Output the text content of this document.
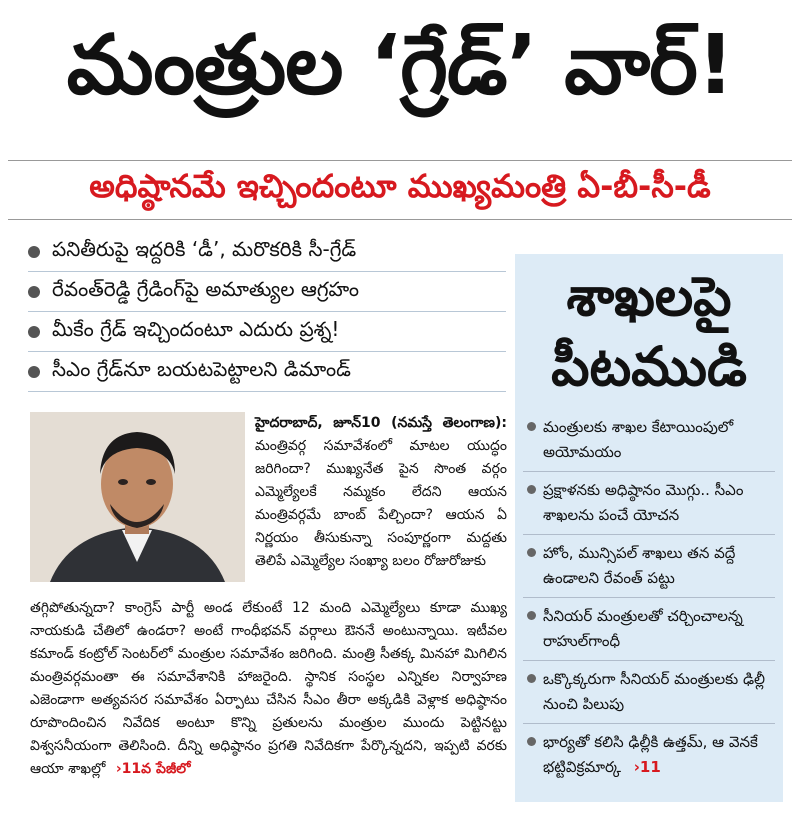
మంత్రుల ‘గ్రేడ్’ వార్!
అధిష్ఠానమే ఇచ్చిందంటూ ముఖ్యమంత్రి ఏ-బీ-సీ-డీ
పనితీరుపై ఇద్దరికి ‘డీ’, మరొకరికి సీ-గ్రేడ్
రేవంత్‌రెడ్డి గ్రేడింగ్‌పై అమాత్యుల ఆగ్రహం
మీకేం గ్రేడ్ ఇచ్చిందంటూ ఎదురు ప్రశ్న!
సీఎం గ్రేడ్‌నూ బయటపెట్టాలని డిమాండ్
హైదరాబాద్, జూన్10 (నమస్తే తెలంగాణ): మంత్రివర్గ సమావేశంలో మాటల యుద్ధం జరిగిందా? ముఖ్యనేత పైన సొంత వర్గం ఎమ్మెల్యేలకే నమ్మకం లేదని ఆయన మంత్రివర్గమే బాంబ్ పేల్చిందా? ఆయన ఏ నిర్ణయం తీసుకున్నా సంపూర్ణంగా మద్దతు తెలిపే ఎమ్మెల్యేల సంఖ్యా బలం రోజురోజుకు
తగ్గిపోతున్నదా? కాంగ్రెస్ పార్టీ అండ లేకుంటే 12 మంది ఎమ్మెల్యేలు కూడా ముఖ్య నాయకుడి చేతిలో ఉండరా? అంటే గాంధీభవన్ వర్గాలు ఔననే అంటున్నాయి. ఇటీవల కమాండ్ కంట్రోల్ సెంటర్‌లో మంత్రుల సమావేశం జరిగింది. మంత్రి సీతక్క మినహా మిగిలిన మంత్రివర్గమంతా ఈ సమావేశానికి హాజరైంది. స్థానిక సంస్థల ఎన్నికల నిర్వాహణ ఎజెండాగా అత్యవసర సమావేశం ఏర్పాటు చేసిన సీఎం తీరా అక్కడికి వెళ్లాక అధిష్ఠానం రూపొందించిన నివేదిక అంటూ కొన్ని ప్రతులను మంత్రుల ముందు పెట్టినట్టు విశ్వసనీయంగా తెలిసింది. దీన్ని అధిష్ఠానం ప్రగతి నివేదికగా పేర్కొన్నదని, ఇప్పటి వరకు ఆయా శాఖల్లో ›11వ పేజీలో
శాఖలపై
పీటముడి
మంత్రులకు శాఖల కేటాయింపులో అయోమయం
ప్రక్షాళనకు అధిష్ఠానం మొగ్గు.. సీఎం శాఖలను పంచే యోచన
హోం, మున్సిపల్ శాఖలు తన వద్దే ఉండాలని రేవంత్ పట్టు
సీనియర్ మంత్రులతో చర్చించాలన్న రాహుల్‌గాంధీ
ఒక్కొక్కరుగా సీనియర్ మంత్రులకు ఢిల్లీ నుంచి పిలుపు
భార్యతో కలిసి ఢిల్లీకి ఉత్తమ్, ఆ వెనకే భట్టివిక్రమార్క ›11
